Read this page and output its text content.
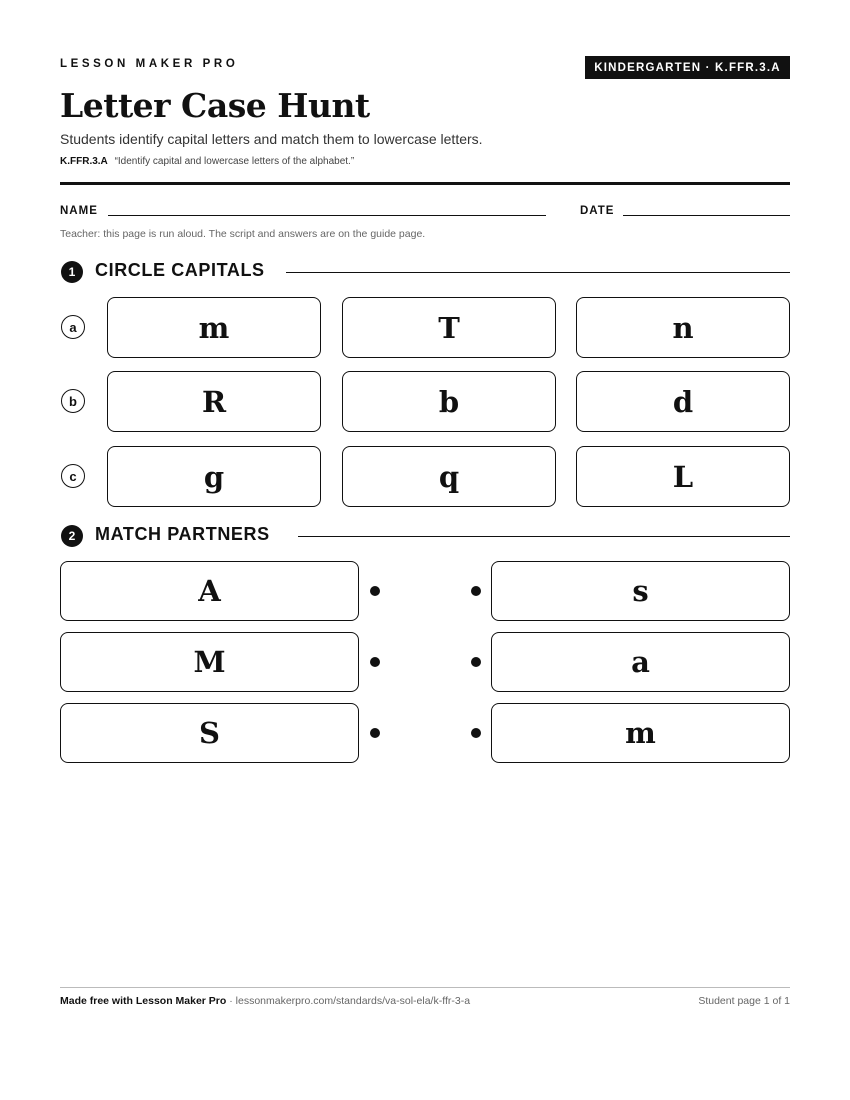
LESSON MAKER PRO	KINDERGARTEN · K.FFR.3.A
Letter Case Hunt
Students identify capital letters and match them to lowercase letters.
K.FFR.3.A “Identify capital and lowercase letters of the alphabet.”
NAME	DATE
Teacher: this page is run aloud. The script and answers are on the guide page.
1	CIRCLE CAPITALS
a	m	T	n
b	R	b	d
c	g	q	L
2	MATCH PARTNERS
A	s
M	a
S	m
Made free with Lesson Maker Pro · lessonmakerpro.com/standards/va-sol-ela/k-ffr-3-a	Student page 1 of 1
